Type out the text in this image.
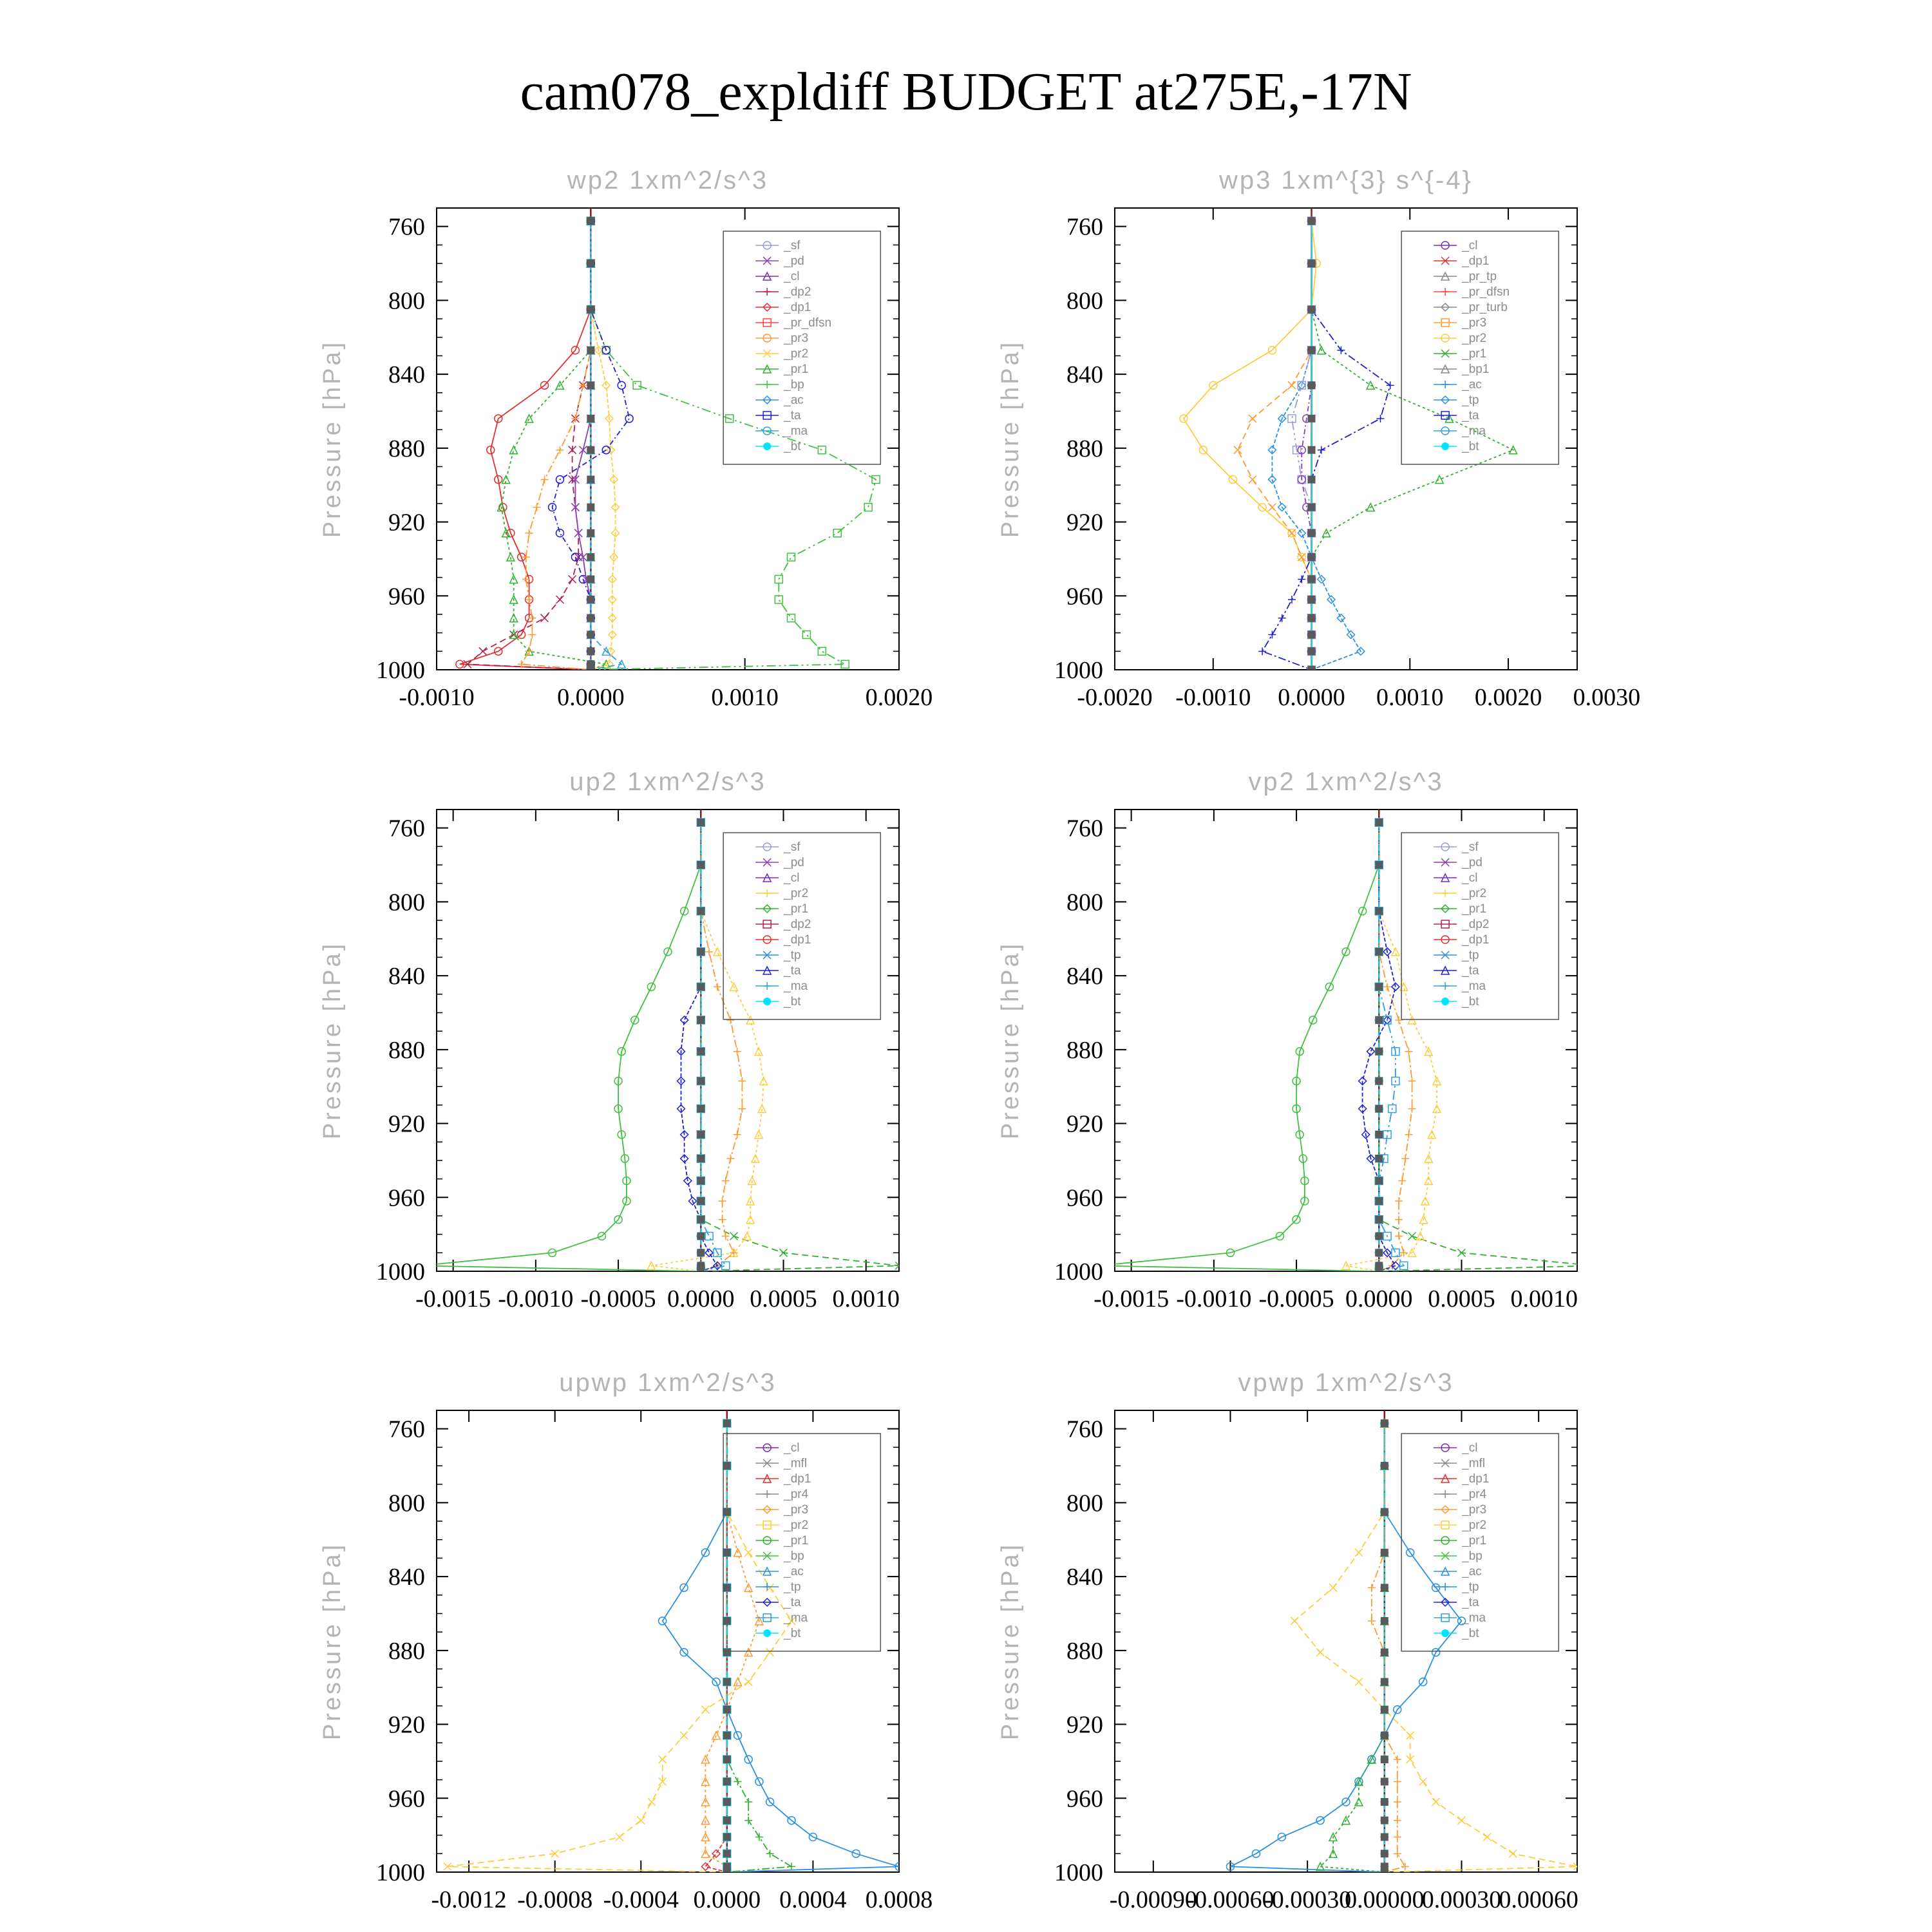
cam078_expldiff BUDGET at275E,-17N
wp2 1xm^2/s^3
Pressure [hPa]
760
800
840
880
920
960
1000
-0.0010	0.0000	0.0010	0.0020
_sf
_pd
_cl
_dp2
_dp1
_pr_dfsn
_pr3
_pr2
_pr1
_bp
_ac
_ta
_ma
_bt
wp3 1xm^{3} s^{-4}
Pressure [hPa]
760
800
840
880
920
960
1000
-0.0020 -0.0010 0.0000 0.0010 0.0020 0.0030
_cl
_dp1
_pr_tp
_pr_dfsn
_pr_turb
_pr3
_pr2
_pr1
_bp1
_ac
_tp
_ta
_ma
_bt
up2 1xm^2/s^3
Pressure [hPa]
760
800
840
880
920
960
1000
-0.0015 -0.0010 -0.0005 0.0000 0.0005 0.0010
_sf
_pd
_cl
_pr2
_pr1
_dp2
_dp1
_tp
_ta
_ma
_bt
vp2 1xm^2/s^3
Pressure [hPa]
760
800
840
880
920
960
1000
-0.0015 -0.0010 -0.0005 0.0000 0.0005 0.0010
_sf
_pd
_cl
_pr2
_pr1
_dp2
_dp1
_tp
_ta
_ma
_bt
upwp 1xm^2/s^3
Pressure [hPa]
760
800
840
880
920
960
1000
-0.0012 -0.0008 -0.0004 0.0000 0.0004 0.0008
_cl
_mfl
_dp1
_pr4
_pr3
_pr2
_pr1
_bp
_ac
_tp
_ta
_ma
_bt
vpwp 1xm^2/s^3
Pressure [hPa]
760
800
840
880
920
960
1000
-0.00090
-0.00060
-0.00030
0.00000
0.00030
0.00060
_cl
_mfl
_dp1
_pr4
_pr3
_pr2
_pr1
_bp
_ac
_tp
_ta
_ma
_bt
